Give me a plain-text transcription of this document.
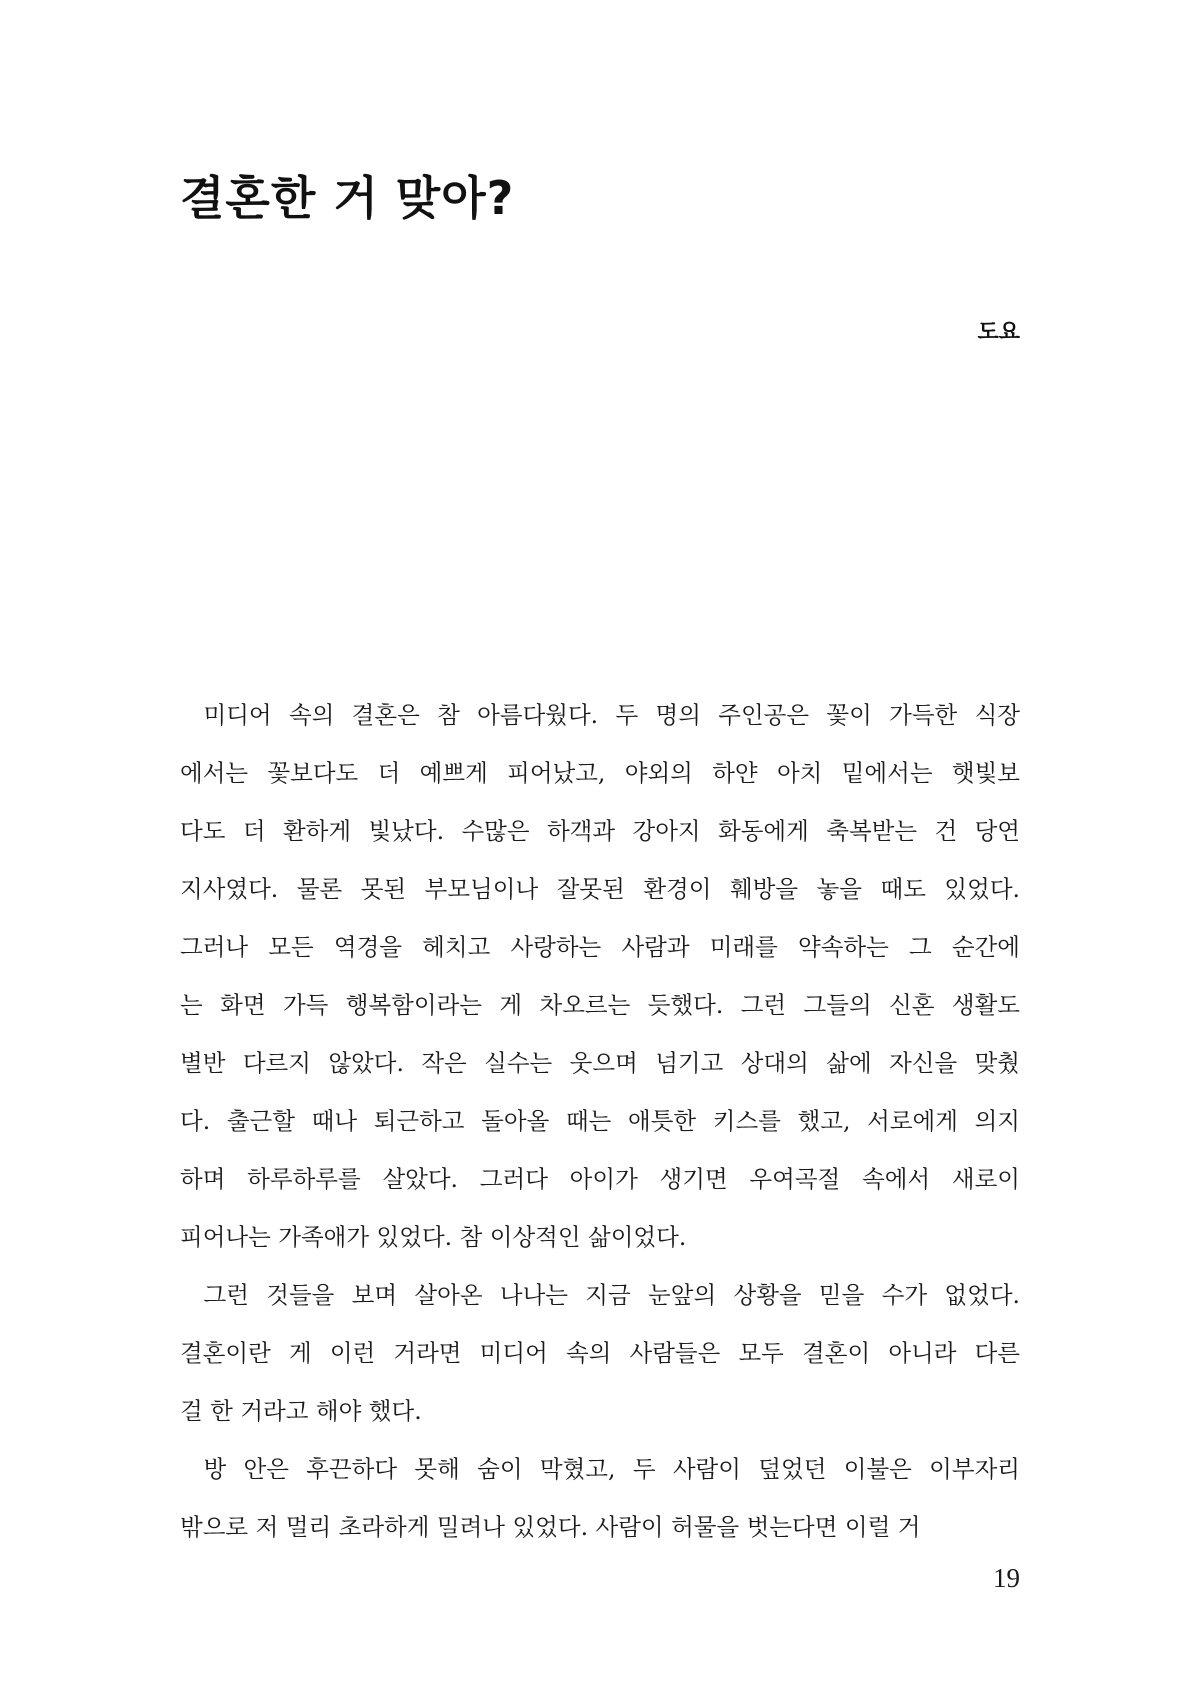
결혼한 거 맞아?

도요

미디어 속의 결혼은 참 아름다웠다. 두 명의 주인공은 꽃이 가득한 식장
에서는 꽃보다도 더 예쁘게 피어났고, 야외의 하얀 아치 밑에서는 햇빛보
다도 더 환하게 빛났다. 수많은 하객과 강아지 화동에게 축복받는 건 당연
지사였다. 물론 못된 부모님이나 잘못된 환경이 훼방을 놓을 때도 있었다.
그러나 모든 역경을 헤치고 사랑하는 사람과 미래를 약속하는 그 순간에
는 화면 가득 행복함이라는 게 차오르는 듯했다. 그런 그들의 신혼 생활도
별반 다르지 않았다. 작은 실수는 웃으며 넘기고 상대의 삶에 자신을 맞췄
다. 출근할 때나 퇴근하고 돌아올 때는 애틋한 키스를 했고, 서로에게 의지
하며 하루하루를 살았다. 그러다 아이가 생기면 우여곡절 속에서 새로이
피어나는 가족애가 있었다. 참 이상적인 삶이었다.

그런 것들을 보며 살아온 나나는 지금 눈앞의 상황을 믿을 수가 없었다.
결혼이란 게 이런 거라면 미디어 속의 사람들은 모두 결혼이 아니라 다른
걸 한 거라고 해야 했다.

방 안은 후끈하다 못해 숨이 막혔고, 두 사람이 덮었던 이불은 이부자리
밖으로 저 멀리 초라하게 밀려나 있었다. 사람이 허물을 벗는다면 이럴 거

19
